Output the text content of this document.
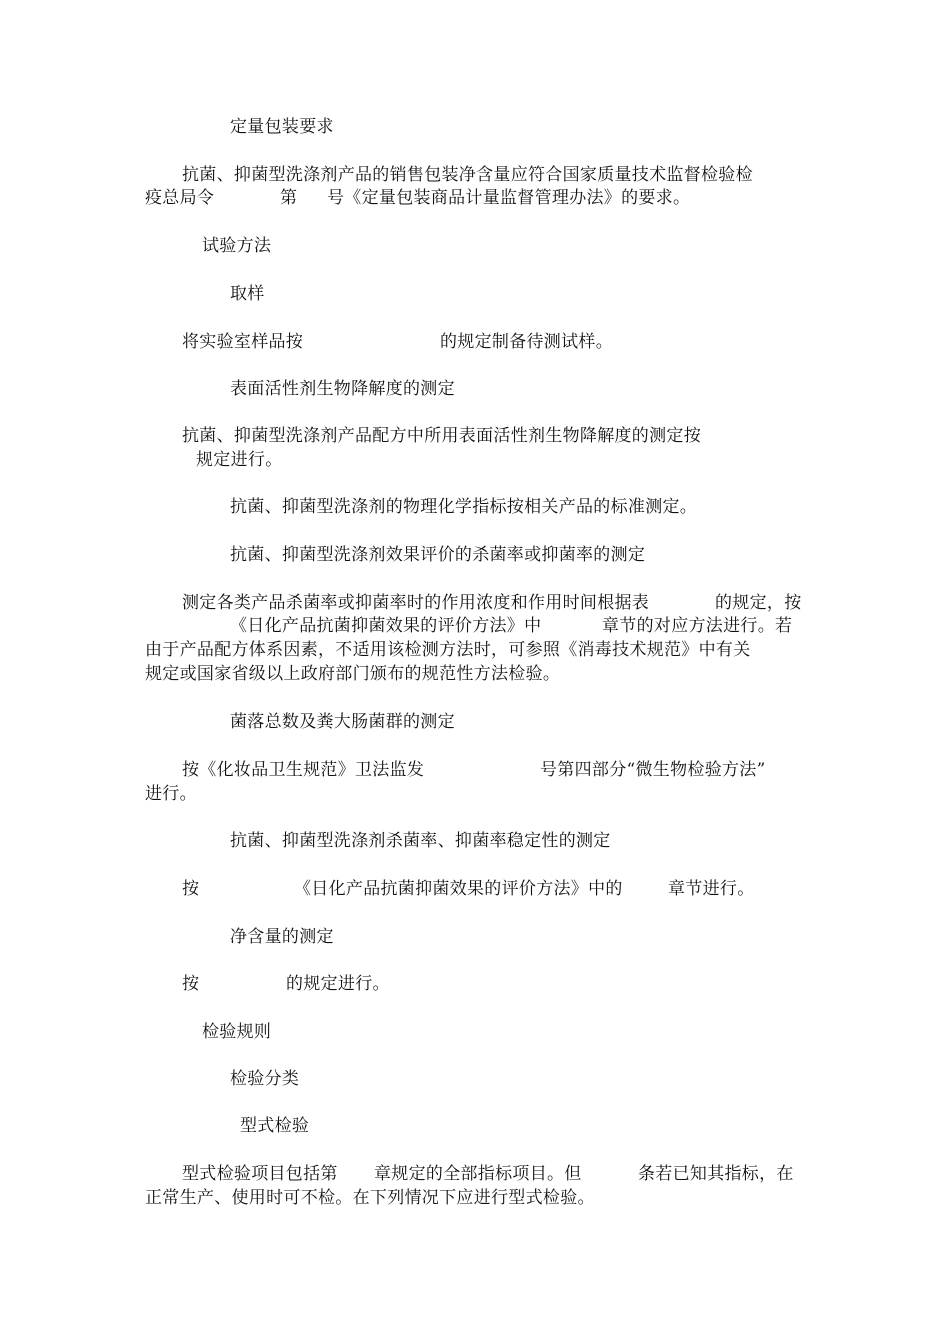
定量包装要求
抗菌、抑菌型洗涤剂产品的销售包装净含量应符合国家质量技术监督检验检
疫总局令	第 号《定量包装商品计量监督管理办法》的要求。
试验方法
取样
将实验室样品按	的规定制备待测试样。
表面活性剂生物降解度的测定
抗菌、抑菌型洗涤剂产品配方中所用表面活性剂生物降解度的测定按
规定进行。
抗菌、抑菌型洗涤剂的物理化学指标按相关产品的标准测定。
抗菌、抑菌型洗涤剂效果评价的杀菌率或抑菌率的测定
测定各类产品杀菌率或抑菌率时的作用浓度和作用时间根据表	的规定，按
《日化产品抗菌抑菌效果的评价方法》中	章节的对应方法进行。若
由于产品配方体系因素，不适用该检测方法时，可参照《消毒技术规范》中有关
规定或国家省级以上政府部门颁布的规范性方法检验。
菌落总数及粪大肠菌群的测定
按《化妆品卫生规范》卫法监发	号第四部分“微生物检验方法”
进行。
抗菌、抑菌型洗涤剂杀菌率、抑菌率稳定性的测定
按	《日化产品抗菌抑菌效果的评价方法》中的	章节进行。
净含量的测定
按	的规定进行。
检验规则
检验分类
型式检验
型式检验项目包括第 章规定的全部指标项目。但	条若已知其指标，在
正常生产、使用时可不检。在下列情况下应进行型式检验。
